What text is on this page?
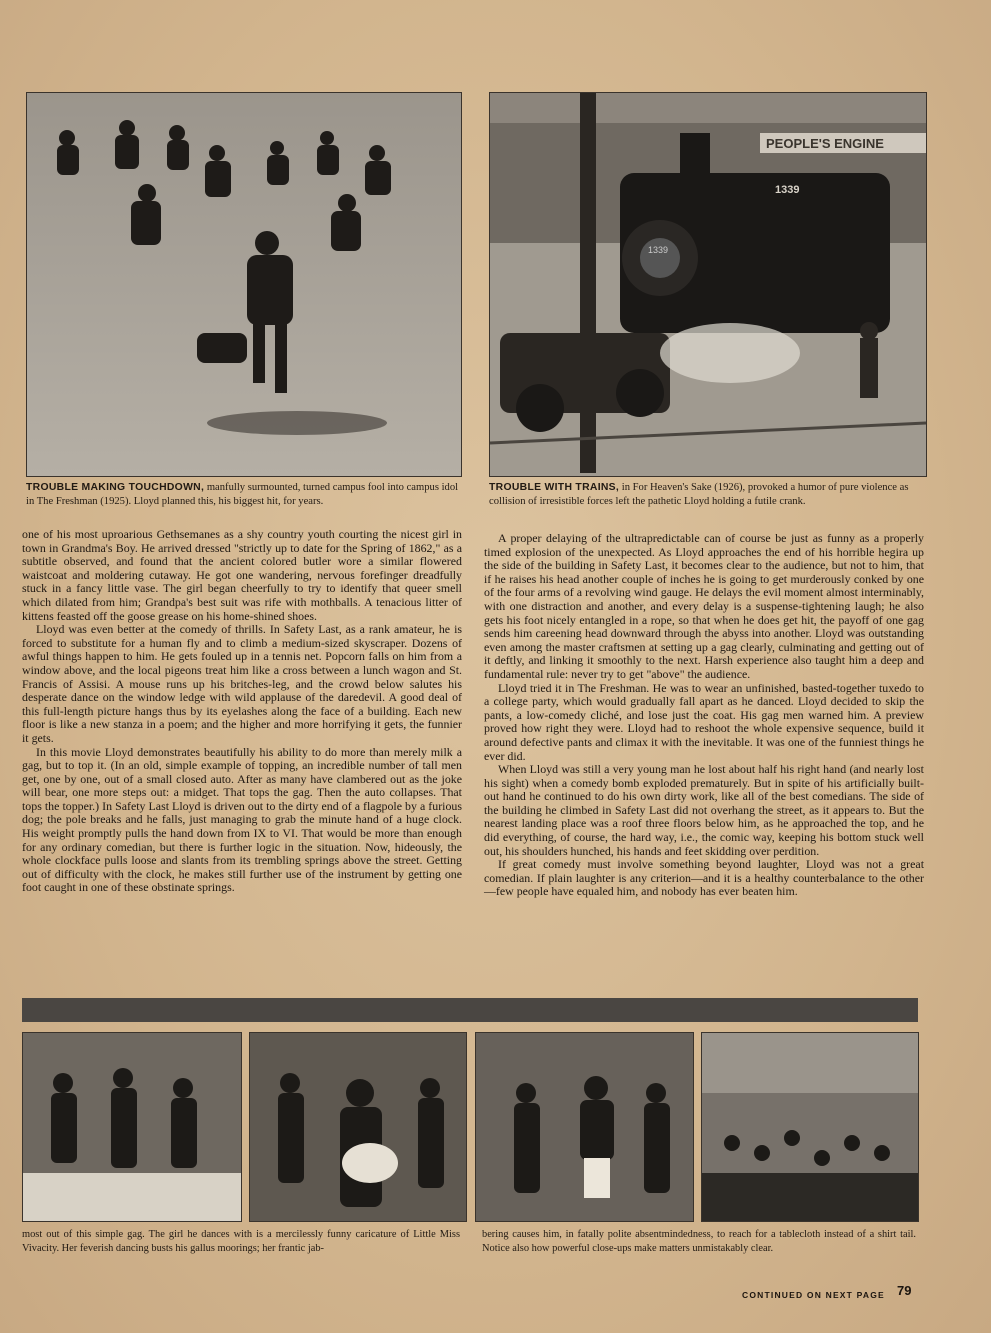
PEOPLE'S ENGINE
1339
1339
TROUBLE MAKING TOUCHDOWN, manfully surmounted, turned campus fool into campus idol in The Freshman (1925). Lloyd planned this, his biggest hit, for years.
TROUBLE WITH TRAINS, in For Heaven's Sake (1926), provoked a humor of pure violence as collision of irresistible forces left the pathetic Lloyd holding a futile crank.

one of his most uproarious Gethsemanes as a shy country youth courting the nicest girl in town in Grandma's Boy. He arrived dressed "strictly up to date for the Spring of 1862," as a subtitle observed, and found that the ancient colored butler wore a similar flowered waistcoat and moldering cutaway. He got one wandering, nervous forefinger dreadfully stuck in a fancy little vase. The girl began cheerfully to try to identify that queer smell which dilated from him; Grandpa's best suit was rife with mothballs. A tenacious litter of kittens feasted off the goose grease on his home-shined shoes.

Lloyd was even better at the comedy of thrills. In Safety Last, as a rank amateur, he is forced to substitute for a human fly and to climb a medium-sized skyscraper. Dozens of awful things happen to him. He gets fouled up in a tennis net. Popcorn falls on him from a window above, and the local pigeons treat him like a cross between a lunch wagon and St. Francis of Assisi. A mouse runs up his britches-leg, and the crowd below salutes his desperate dance on the window ledge with wild applause of the daredevil. A good deal of this full-length picture hangs thus by its eyelashes along the face of a building. Each new floor is like a new stanza in a poem; and the higher and more horrifying it gets, the funnier it gets.

In this movie Lloyd demonstrates beautifully his ability to do more than merely milk a gag, but to top it. (In an old, simple example of topping, an incredible number of tall men get, one by one, out of a small closed auto. After as many have clambered out as the joke will bear, one more steps out: a midget. That tops the gag. Then the auto collapses. That tops the topper.) In Safety Last Lloyd is driven out to the dirty end of a flagpole by a furious dog; the pole breaks and he falls, just managing to grab the minute hand of a huge clock. His weight promptly pulls the hand down from IX to VI. That would be more than enough for any ordinary comedian, but there is further logic in the situation. Now, hideously, the whole clockface pulls loose and slants from its trembling springs above the street. Getting out of difficulty with the clock, he makes still further use of the instrument by getting one foot caught in one of these obstinate springs.

A proper delaying of the ultrapredictable can of course be just as funny as a properly timed explosion of the unexpected. As Lloyd approaches the end of his horrible hegira up the side of the building in Safety Last, it becomes clear to the audience, but not to him, that if he raises his head another couple of inches he is going to get murderously conked by one of the four arms of a revolving wind gauge. He delays the evil moment almost interminably, with one distraction and another, and every delay is a suspense-tightening laugh; he also gets his foot nicely entangled in a rope, so that when he does get hit, the payoff of one gag sends him careening head downward through the abyss into another. Lloyd was outstanding even among the master craftsmen at setting up a gag clearly, culminating and getting out of it deftly, and linking it smoothly to the next. Harsh experience also taught him a deep and fundamental rule: never try to get "above" the audience.

Lloyd tried it in The Freshman. He was to wear an unfinished, basted-together tuxedo to a college party, which would gradually fall apart as he danced. Lloyd decided to skip the pants, a low-comedy cliché, and lose just the coat. His gag men warned him. A preview proved how right they were. Lloyd had to reshoot the whole expensive sequence, build it around defective pants and climax it with the inevitable. It was one of the funniest things he ever did.

When Lloyd was still a very young man he lost about half his right hand (and nearly lost his sight) when a comedy bomb exploded prematurely. But in spite of his artificially built-out hand he continued to do his own dirty work, like all of the best comedians. The side of the building he climbed in Safety Last did not overhang the street, as it appears to. But the nearest landing place was a roof three floors below him, as he approached the top, and he did everything, of course, the hard way, i.e., the comic way, keeping his bottom stuck well out, his shoulders hunched, his hands and feet skidding over perdition.

If great comedy must involve something beyond laughter, Lloyd was not a great comedian. If plain laughter is any criterion—and it is a healthy counterbalance to the other—few people have equaled him, and nobody has ever beaten him.

most out of this simple gag. The girl he dances with is a mercilessly funny caricature of Little Miss Vivacity. Her feverish dancing busts his gallus moorings; her frantic jab-
bering causes him, in fatally polite absentmindedness, to reach for a tablecloth instead of a shirt tail. Notice also how powerful close-ups make matters unmistakably clear.
CONTINUED ON NEXT PAGE 79
